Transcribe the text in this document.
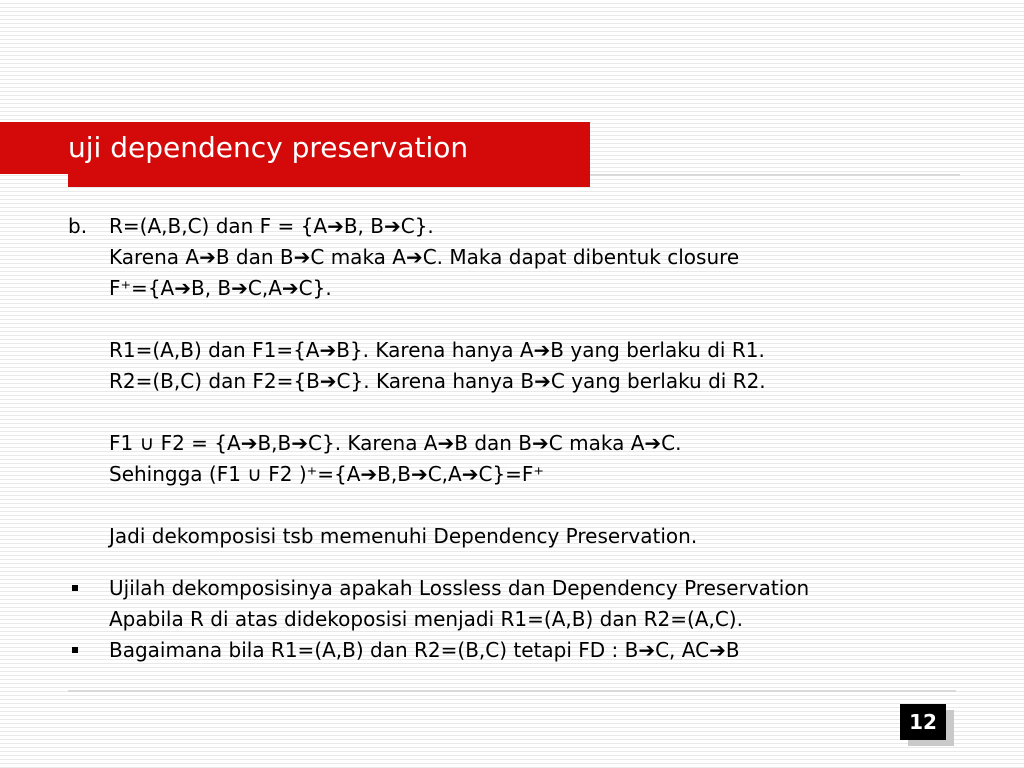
uji dependency preservation
b. R=(A,B,C) dan F = {A➔B, B➔C}.
Karena A➔B dan B➔C maka A➔C. Maka dapat dibentuk closure
F⁺={A➔B, B➔C,A➔C}.
R1=(A,B) dan F1={A➔B}. Karena hanya A➔B yang berlaku di R1.
R2=(B,C) dan F2={B➔C}. Karena hanya B➔C yang berlaku di R2.
F1 ∪ F2 = {A➔B,B➔C}. Karena A➔B dan B➔C maka A➔C.
Sehingga (F1 ∪ F2 )⁺={A➔B,B➔C,A➔C}=F⁺
Jadi dekomposisi tsb memenuhi Dependency Preservation.
Ujilah dekomposisinya apakah Lossless dan Dependency Preservation
Apabila R di atas didekoposisi menjadi R1=(A,B) dan R2=(A,C).
Bagaimana bila R1=(A,B) dan R2=(B,C) tetapi FD : B➔C, AC➔B
12
